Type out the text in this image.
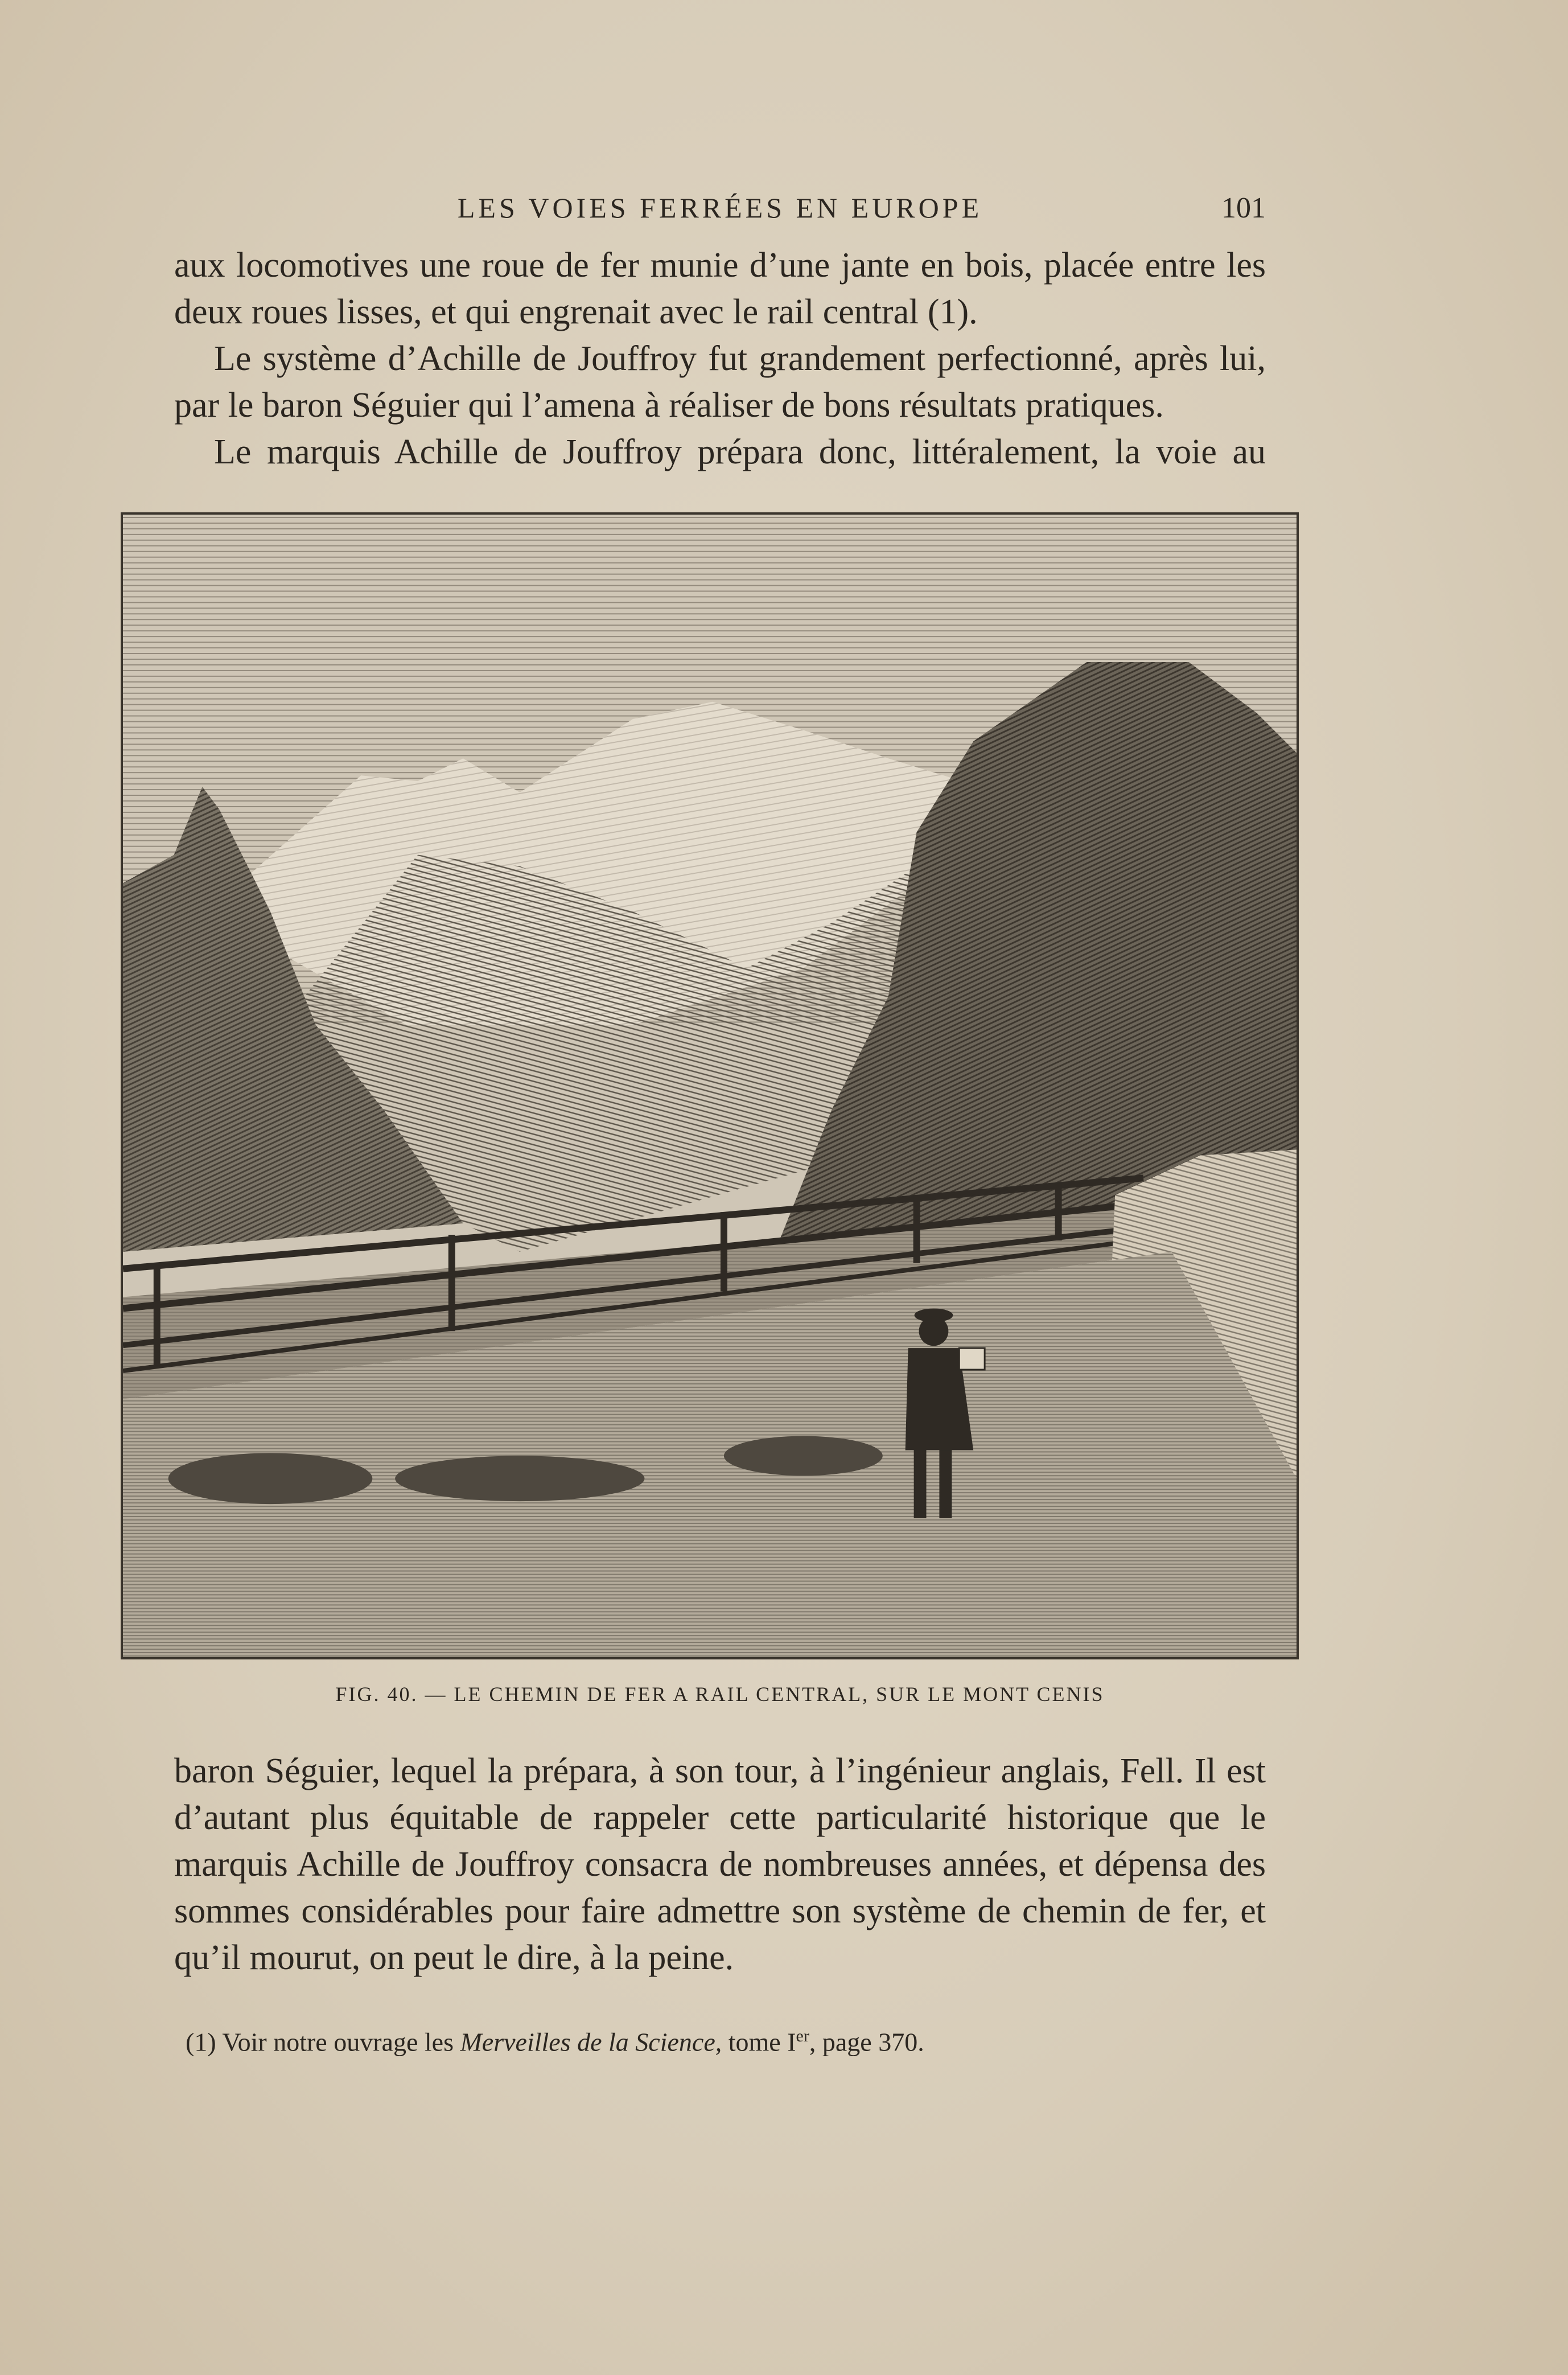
LES VOIES FERRÉES EN EUROPE	101

aux locomotives une roue de fer munie d’une jante en bois, placée entre les deux roues lisses, et qui engrenait avec le rail central (1).

Le système d’Achille de Jouffroy fut grandement perfectionné, après lui, par le baron Séguier qui l’amena à réaliser de bons résultats pratiques.

Le marquis Achille de Jouffroy prépara donc, littéralement, la voie au

FIG. 40. — LE CHEMIN DE FER A RAIL CENTRAL, SUR LE MONT CENIS

baron Séguier, lequel la prépara, à son tour, à l’ingénieur anglais, Fell. Il est d’autant plus équitable de rappeler cette particularité historique que le marquis Achille de Jouffroy consacra de nombreuses années, et dépensa des sommes considérables pour faire admettre son système de chemin de fer, et qu’il mourut, on peut le dire, à la peine.

(1) Voir notre ouvrage les Merveilles de la Science, tome Ier, page 370.
